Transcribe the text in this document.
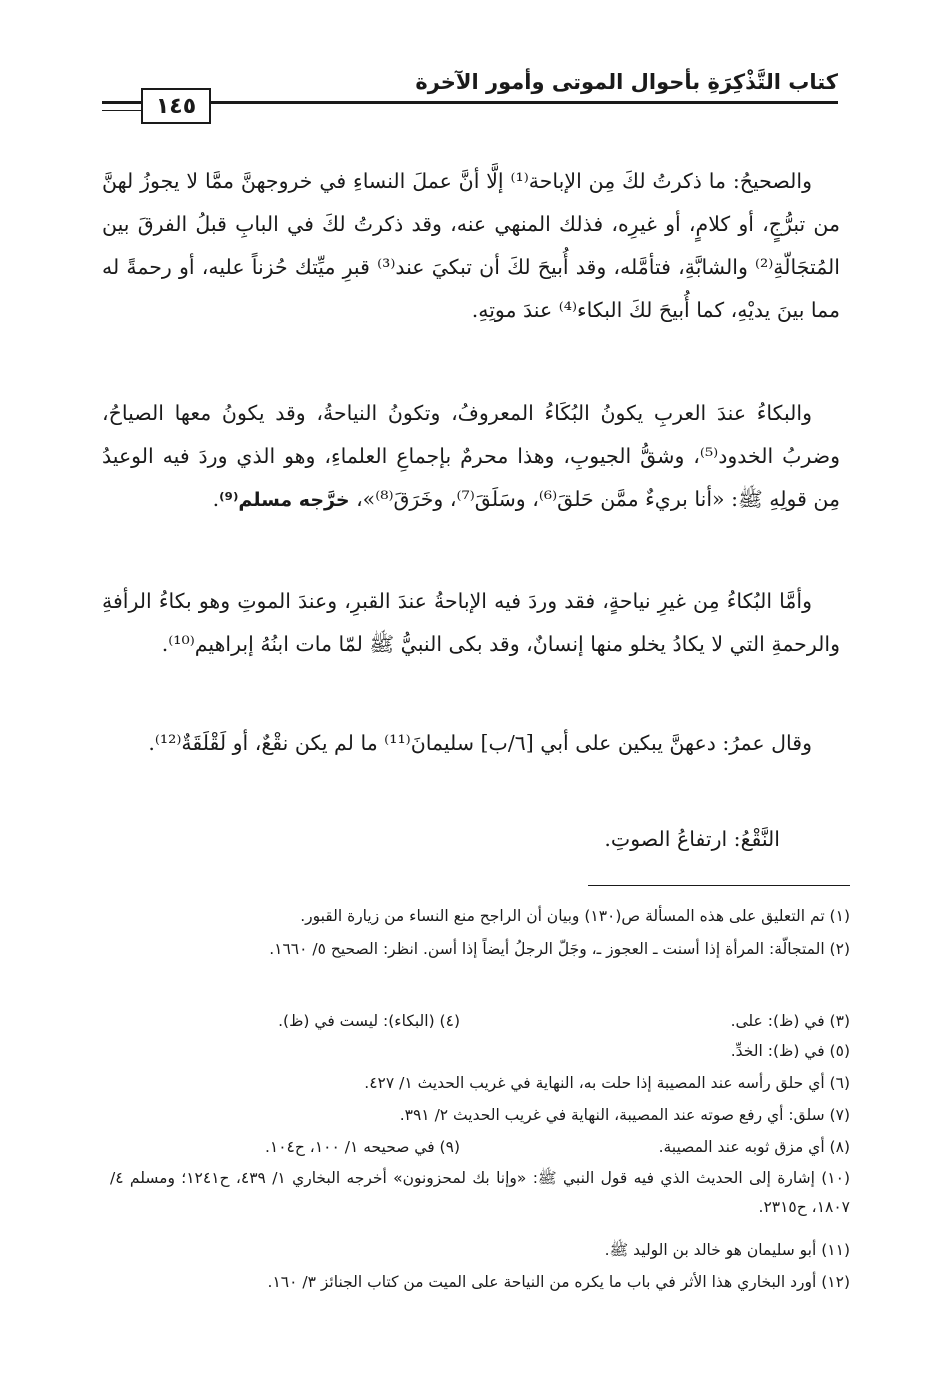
كتاب التَّذْكِرَةِ بأحوال الموتى وأمور الآخرة
١٤٥

والصحيحُ: ما ذكرتُ لكَ مِن الإباحة⁽¹⁾ إلَّا أنَّ عملَ النساءِ في خروجهنَّ ممَّا لا يجوزُ لهنَّ من تبرُّجٍ، أو كلامٍ، أو غيرِه، فذلك المنهي عنه، وقد ذكرتُ لكَ في البابِ قبلُ الفرقَ بين المُتجَالّةِ⁽²⁾ والشابَّةِ، فتأمَّله، وقد أُبيحَ لكَ أن تبكيَ عند⁽³⁾ قبرِ ميِّتك حُزناً عليه، أو رحمةً له مما بينَ يديْهِ، كما أُبيحَ لكَ البكاء⁽⁴⁾ عندَ موتِهِ.

والبكاءُ عندَ العربِ يكونُ البُكَاءُ المعروفُ، وتكونُ النياحةُ، وقد يكونُ معها الصياحُ، وضربُ الخدود⁽⁵⁾، وشقُّ الجيوبِ، وهذا محرمٌ بإجماعِ العلماءِ، وهو الذي وردَ فيه الوعيدُ مِن قولِهِ ﷺ: «أنا بريءٌ ممَّن حَلقَ⁽⁶⁾، وسَلَقَ⁽⁷⁾، وخَرَقَ⁽⁸⁾»، خرَّجه مسلم⁽⁹⁾.

وأمَّا البُكاءُ مِن غيرِ نياحةٍ، فقد وردَ فيه الإباحةُ عندَ القبرِ، وعندَ الموتِ وهو بكاءُ الرأفةِ والرحمةِ التي لا يكادُ يخلو منها إنسانٌ، وقد بكى النبيُّ ﷺ لمّا مات ابنُهُ إبراهيم⁽¹⁰⁾.

وقال عمرُ: دعهنَّ يبكين على أبي [٦/ب] سليمانَ⁽¹¹⁾ ما لم يكن نقْعٌ، أو لَقْلَقَةٌ⁽¹²⁾.

النَّقْعُ: ارتفاعُ الصوتِ.

(١) تم التعليق على هذه المسألة ص(١٣٠) وبيان أن الراجح منع النساء من زيارة القبور.
(٢) المتجالّة: المرأة إذا أسنت ـ العجوز ـ، وجَلّ الرجلُ أيضاً إذا أسن. انظر: الصحيح ٥/ ١٦٦٠.
(٣) في (ظ): على.
(٤) (البكاء): ليست في (ظ).
(٥) في (ظ): الخدِّ.
(٦) أي حلق رأسه عند المصيبة إذا حلت به، النهاية في غريب الحديث ١/ ٤٢٧.
(٧) سلق: أي رفع صوته عند المصيبة، النهاية في غريب الحديث ٢/ ٣٩١.
(٨) أي مزق ثوبه عند المصيبة.
(٩) في صحيحه ١/ ١٠٠، ح١٠٤.
(١٠) إشارة إلى الحديث الذي فيه قول النبي ﷺ: «وإنا بك لمحزونون» أخرجه البخاري ١/ ٤٣٩، ح١٢٤١؛ ومسلم ٤/ ١٨٠٧، ح٢٣١٥.
(١١) أبو سليمان هو خالد بن الوليد ﷺ.
(١٢) أورد البخاري هذا الأثر في باب ما يكره من النياحة على الميت من كتاب الجنائز ٣/ ١٦٠.
